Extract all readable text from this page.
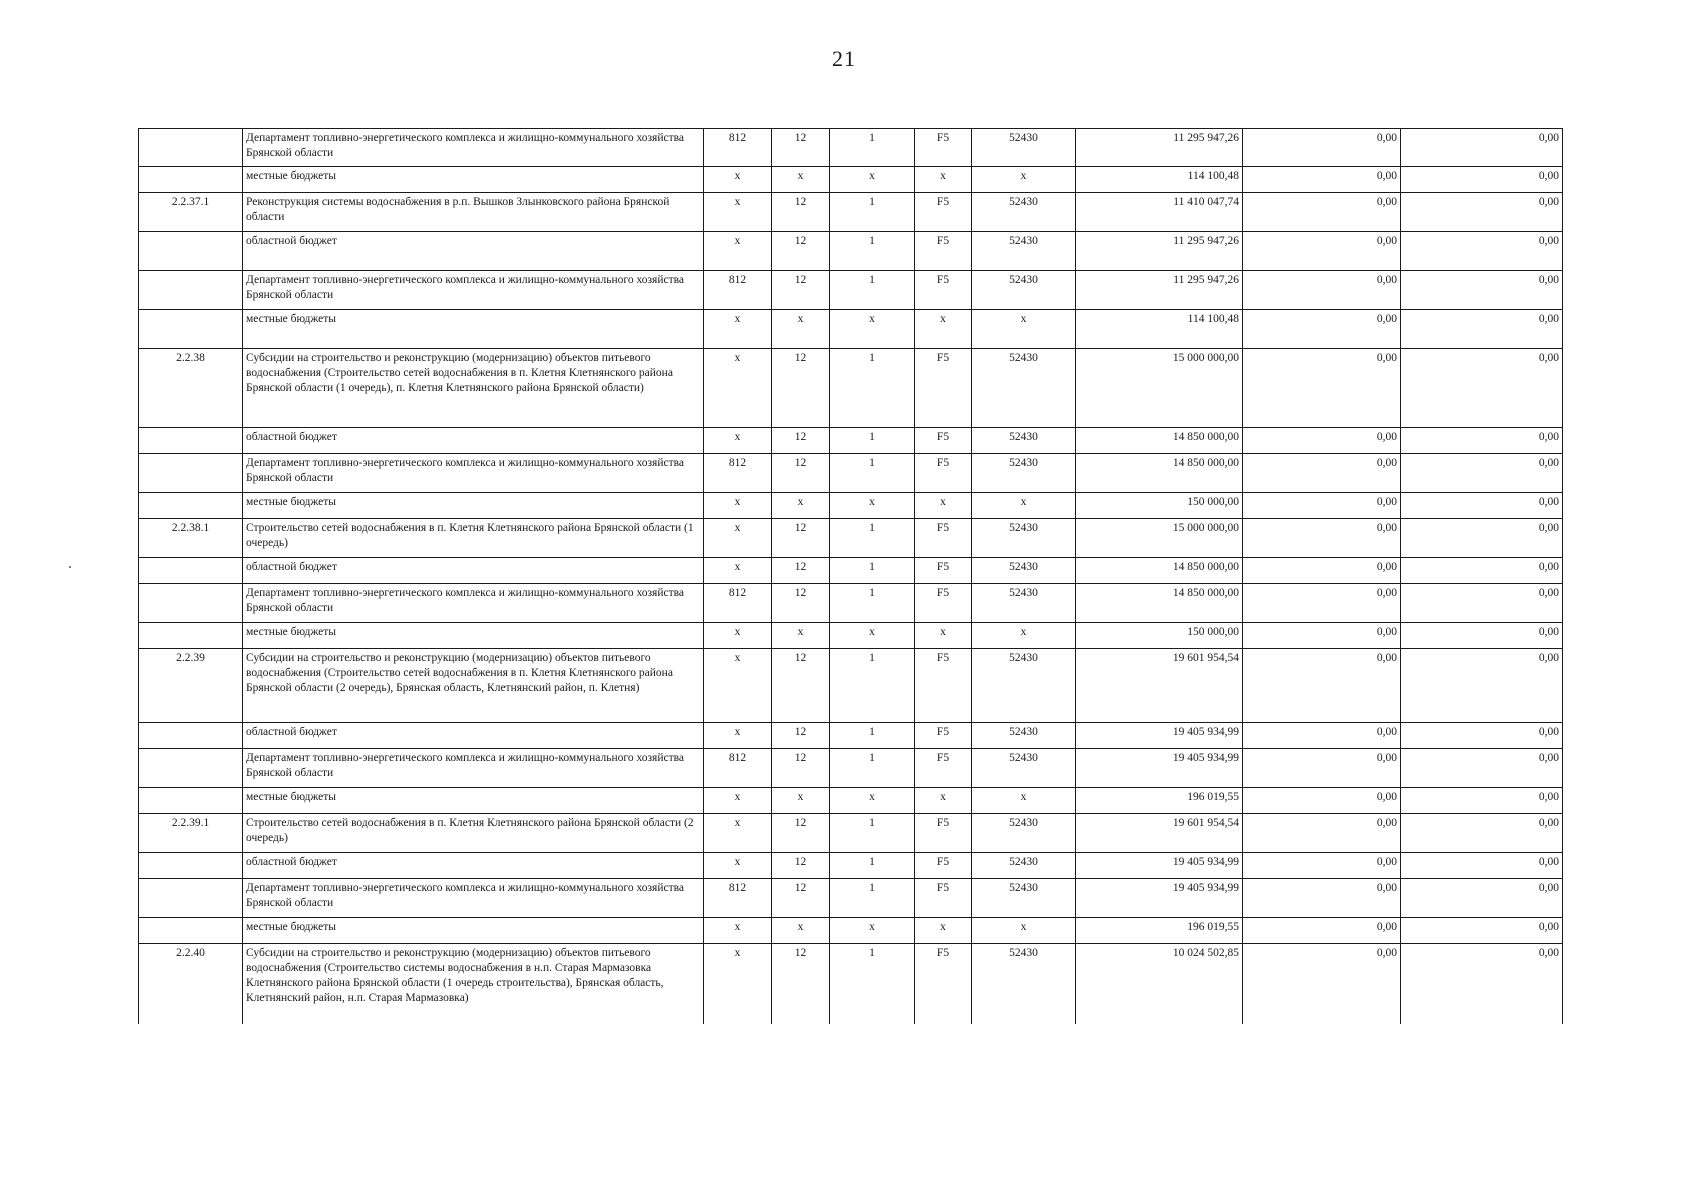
21
	Департамент топливно-энергетического комплекса и жилищно-коммунального хозяйства Брянской области	812	12	1	F5	52430	11 295 947,26	0,00	0,00
	местные бюджеты	x	x	x	x	x	114 100,48	0,00	0,00
2.2.37.1	Реконструкция системы водоснабжения в р.п. Вышков Злынковского района Брянской области	x	12	1	F5	52430	11 410 047,74	0,00	0,00
	областной бюджет	x	12	1	F5	52430	11 295 947,26	0,00	0,00
	Департамент топливно-энергетического комплекса и жилищно-коммунального хозяйства Брянской области	812	12	1	F5	52430	11 295 947,26	0,00	0,00
	местные бюджеты	x	x	x	x	x	114 100,48	0,00	0,00
2.2.38	Субсидии на строительство и реконструкцию (модернизацию) объектов питьевого водоснабжения (Строительство сетей водоснабжения в п. Клетня Клетнянского района Брянской области (1 очередь), п. Клетня Клетнянского района Брянской области)	x	12	1	F5	52430	15 000 000,00	0,00	0,00
	областной бюджет	x	12	1	F5	52430	14 850 000,00	0,00	0,00
	Департамент топливно-энергетического комплекса и жилищно-коммунального хозяйства Брянской области	812	12	1	F5	52430	14 850 000,00	0,00	0,00
	местные бюджеты	x	x	x	x	x	150 000,00	0,00	0,00
2.2.38.1	Строительство сетей водоснабжения в п. Клетня Клетнянского района Брянской области (1 очередь)	x	12	1	F5	52430	15 000 000,00	0,00	0,00
	областной бюджет	x	12	1	F5	52430	14 850 000,00	0,00	0,00
	Департамент топливно-энергетического комплекса и жилищно-коммунального хозяйства Брянской области	812	12	1	F5	52430	14 850 000,00	0,00	0,00
	местные бюджеты	x	x	x	x	x	150 000,00	0,00	0,00
2.2.39	Субсидии на строительство и реконструкцию (модернизацию) объектов питьевого водоснабжения (Строительство сетей водоснабжения в п. Клетня Клетнянского района Брянской области (2 очередь), Брянская область, Клетнянский район, п. Клетня)	x	12	1	F5	52430	19 601 954,54	0,00	0,00
	областной бюджет	x	12	1	F5	52430	19 405 934,99	0,00	0,00
	Департамент топливно-энергетического комплекса и жилищно-коммунального хозяйства Брянской области	812	12	1	F5	52430	19 405 934,99	0,00	0,00
	местные бюджеты	x	x	x	x	x	196 019,55	0,00	0,00
2.2.39.1	Строительство сетей водоснабжения в п. Клетня Клетнянского района Брянской области (2 очередь)	x	12	1	F5	52430	19 601 954,54	0,00	0,00
	областной бюджет	x	12	1	F5	52430	19 405 934,99	0,00	0,00
	Департамент топливно-энергетического комплекса и жилищно-коммунального хозяйства Брянской области	812	12	1	F5	52430	19 405 934,99	0,00	0,00
	местные бюджеты	x	x	x	x	x	196 019,55	0,00	0,00
2.2.40	Субсидии на строительство и реконструкцию (модернизацию) объектов питьевого водоснабжения (Строительство системы водоснабжения в н.п. Старая Мармазовка Клетнянского района Брянской области (1 очередь строительства), Брянская область, Клетнянский район, н.п. Старая Мармазовка)	x	12	1	F5	52430	10 024 502,85	0,00	0,00
